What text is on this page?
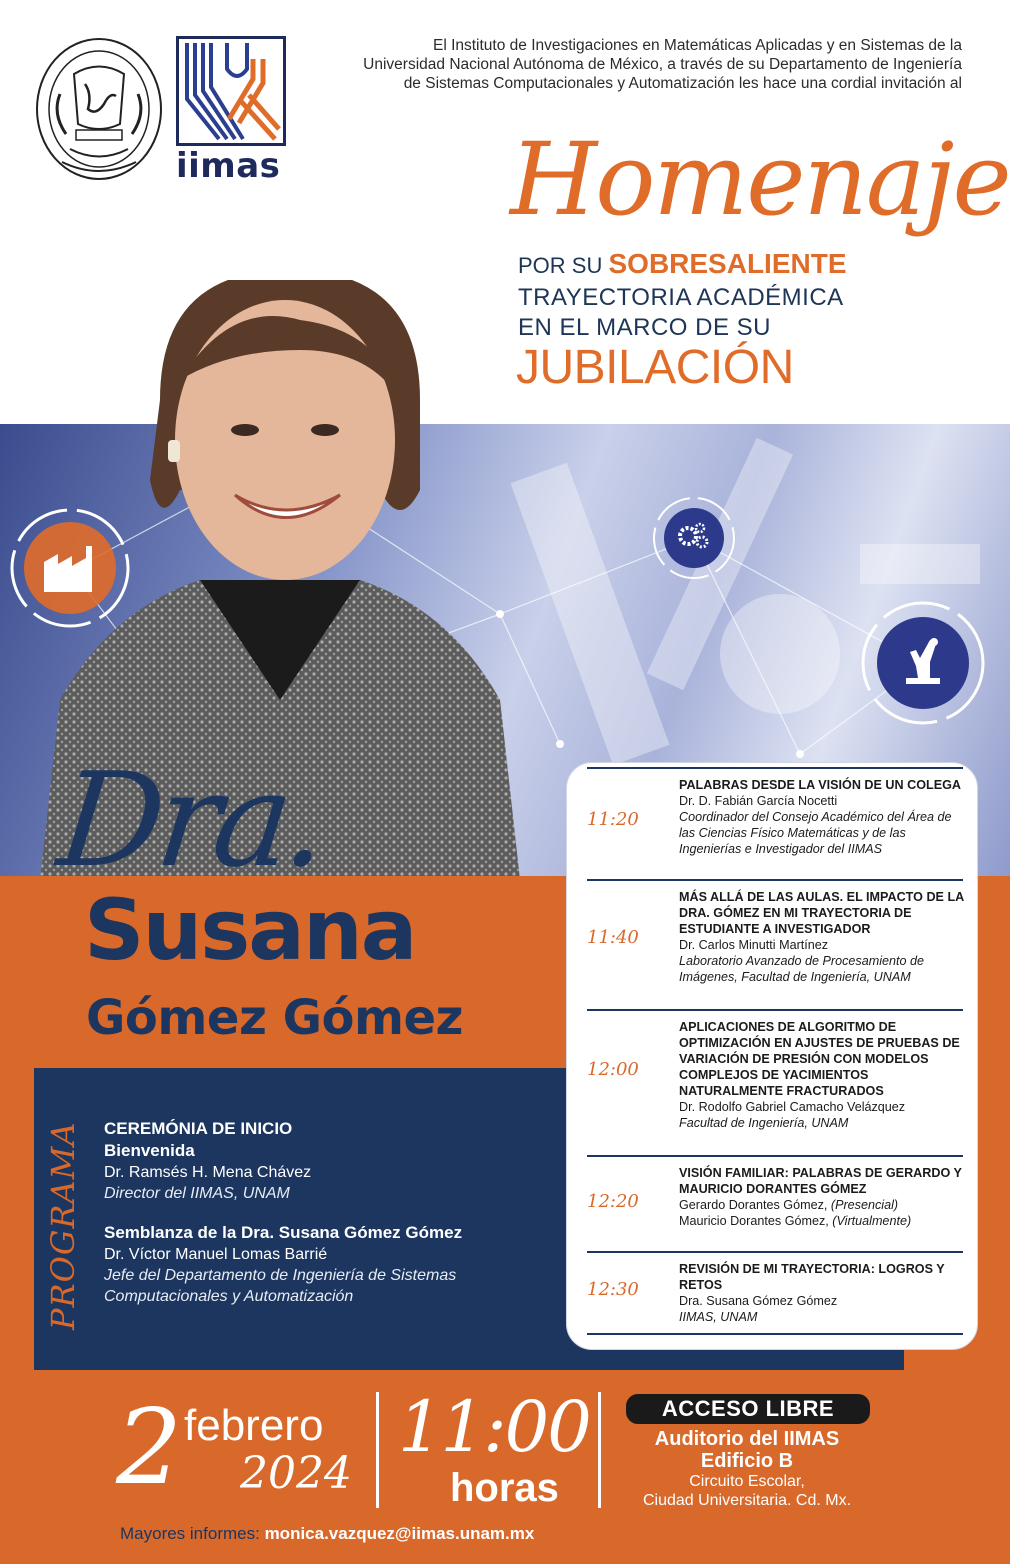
iimas
El Instituto de Investigaciones en Matemáticas Aplicadas y en Sistemas de la Universidad Nacional Autónoma de México, a través de su Departamento de Ingeniería de Sistemas Computacionales y Automatización les hace una cordial invitación al
Homenaje
POR SU SOBRESALIENTE
TRAYECTORIA ACADÉMICA
EN EL MARCO DE SU
JUBILACIÓN
Dra.
Susana
Gómez Gómez
PROGRAMA CEREMÓNIA DE INICIO
Bienvenida
Dr. Ramsés H. Mena Chávez
Director del IIMAS, UNAM
Semblanza de la Dra. Susana Gómez Gómez
Dr. Víctor Manuel Lomas Barrié
Jefe del Departamento de Ingeniería de Sistemas
Computacionales y Automatización
11:20
PALABRAS DESDE LA VISIÓN DE UN COLEGA
Dr. D. Fabián García Nocetti
Coordinador del Consejo Académico del Área de las Ciencias Físico Matemáticas y de las Ingenierías e Investigador del IIMAS
11:40
MÁS ALLÁ DE LAS AULAS. EL IMPACTO DE LA DRA. GÓMEZ EN MI TRAYECTORIA DE ESTUDIANTE A INVESTIGADOR
Dr. Carlos Minutti Martínez
Laboratorio Avanzado de Procesamiento de Imágenes, Facultad de Ingeniería, UNAM
12:00
APLICACIONES DE ALGORITMO DE OPTIMIZACIÓN EN AJUSTES DE PRUEBAS DE VARIACIÓN DE PRESIÓN CON MODELOS COMPLEJOS DE YACIMIENTOS NATURALMENTE FRACTURADOS
Dr. Rodolfo Gabriel Camacho Velázquez
Facultad de Ingeniería, UNAM
12:20
VISIÓN FAMILIAR: PALABRAS DE GERARDO Y MAURICIO DORANTES GÓMEZ
Gerardo Dorantes Gómez, (Presencial)
Mauricio Dorantes Gómez, (Virtualmente)
12:30
REVISIÓN DE MI TRAYECTORIA: LOGROS Y RETOS
Dra. Susana Gómez Gómez
IIMAS, UNAM
2 febrero
2024
11:00
horas
ACCESO LIBRE
Auditorio del IIMAS
Edificio B
Circuito Escolar,
Ciudad Universitaria. Cd. Mx.
Mayores informes: monica.vazquez@iimas.unam.mx
